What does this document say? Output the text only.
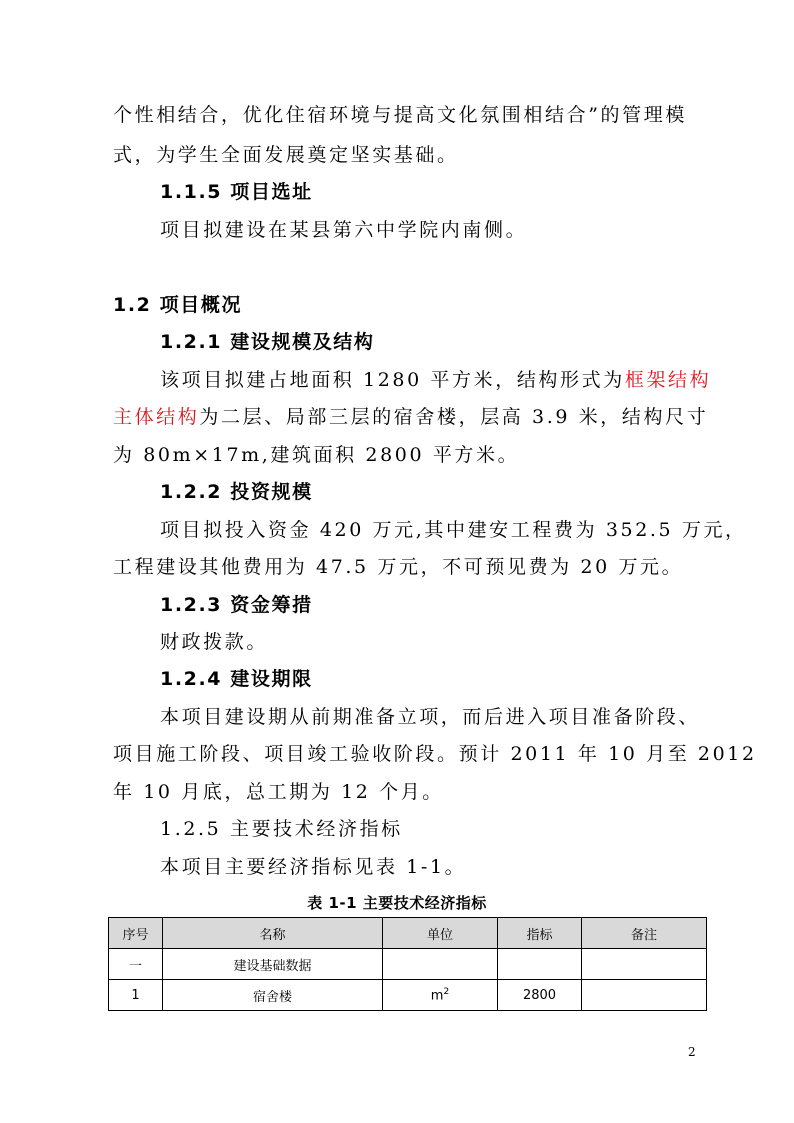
个性相结合，优化住宿环境与提高文化氛围相结合”的管理模
式，为学生全面发展奠定坚实基础。
1.1.5 项目选址
项目拟建设在某县第六中学院内南侧。
1.2 项目概况
1.2.1 建设规模及结构
该项目拟建占地面积 1280 平方米，结构形式为框架结构
主体结构为二层、局部三层的宿舍楼，层高 3.9 米，结构尺寸
为 80m×17m,建筑面积 2800 平方米。
1.2.2 投资规模
项目拟投入资金 420 万元,其中建安工程费为 352.5 万元，
工程建设其他费用为 47.5 万元，不可预见费为 20 万元。
1.2.3 资金筹措
财政拨款。
1.2.4 建设期限
本项目建设期从前期准备立项，而后进入项目准备阶段、
项目施工阶段、项目竣工验收阶段。预计 2011 年 10 月至 2012
年 10 月底，总工期为 12 个月。
1.2.5 主要技术经济指标
本项目主要经济指标见表 1-1。
表 1-1 主要技术经济指标
序号	名称	单位	指标	备注
一	建设基础数据			
1	宿舍楼	$m^2$	2800	
2
